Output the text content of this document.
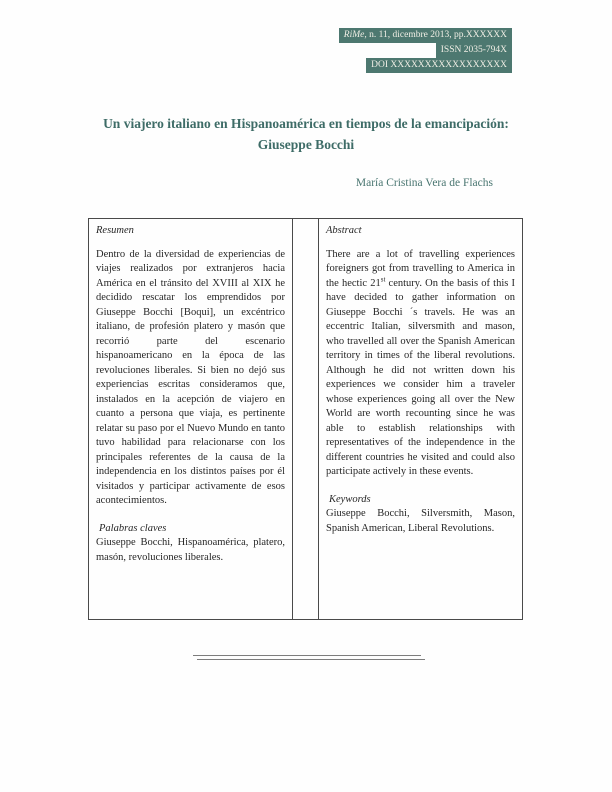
RiMe, n. 11, dicembre 2013, pp.XXXXXX
ISSN 2035-794X
DOI XXXXXXXXXXXXXXXXX
Un viajero italiano en Hispanoamérica en tiempos de la emancipación: Giuseppe Bocchi
María Cristina Vera de Flachs
Resumen

Dentro de la diversidad de experiencias de viajes realizados por extranjeros hacia América en el tránsito del XVIII al XIX he decidido rescatar los emprendidos por Giuseppe Bocchi [Boqui], un excéntrico italiano, de profesión platero y masón que recorrió parte del escenario hispanoamericano en la época de las revoluciones liberales. Si bien no dejó sus experiencias escritas consideramos que, instalados en la acepción de viajero en cuanto a persona que viaja, es pertinente relatar su paso por el Nuevo Mundo en tanto tuvo habilidad para relacionarse con los principales referentes de la causa de la independencia en los distintos países por él visitados y participar activamente de esos acontecimientos.

Palabras claves

Giuseppe Bocchi, Hispanoamérica, platero, masón, revoluciones liberales.

Abstract

There are a lot of travelling experiences foreigners got from travelling to America in the hectic 21st century. On the basis of this I have decided to gather information on Giuseppe Bocchi ´s travels. He was an eccentric Italian, silversmith and mason, who travelled all over the Spanish American territory in times of the liberal revolutions. Although he did not written down his experiences we consider him a traveler whose experiences going all over the New World are worth recounting since he was able to establish relationships with representatives of the independence in the different countries he visited and could also participate actively in these events.

Keywords

Giuseppe Bocchi, Silversmith, Mason, Spanish American, Liberal Revolutions.
